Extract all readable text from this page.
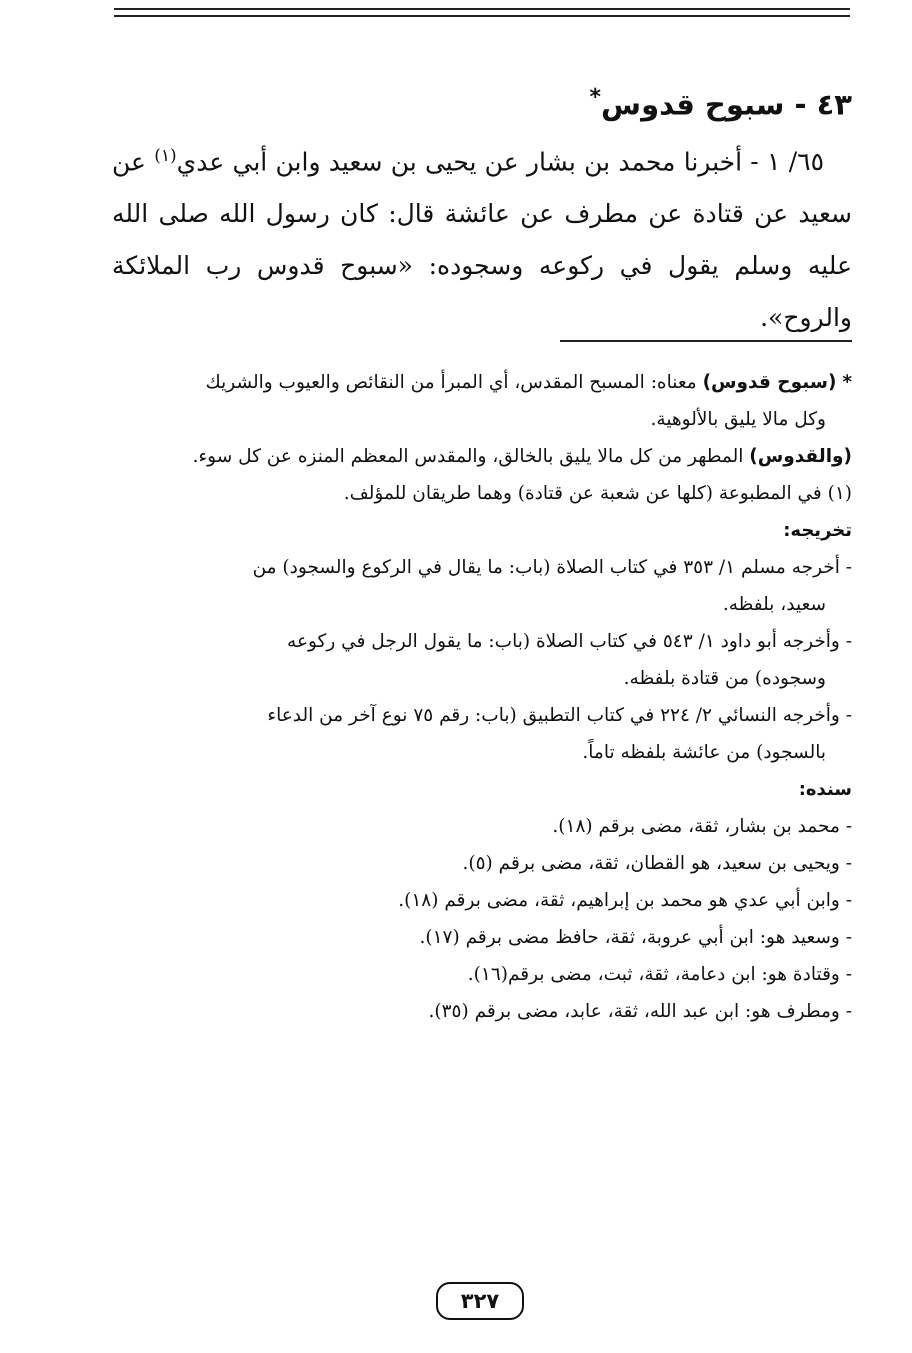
٤٣ - سبوح قدوس*
٦٥/ ١ - أخبرنا محمد بن بشار عن يحيى بن سعيد وابن أبي عدي$^{(١)}$ عن سعيد عن قتادة عن مطرف عن عائشة قال: كان رسول الله صلى الله عليه وسلم يقول في ركوعه وسجوده: «سبوح قدوس رب الملائكة والروح».

* (سبوح قدوس) معناه: المسبح المقدس، أي المبرأ من النقائص والعيوب والشريك

وكل مالا يليق بالألوهية.

(والقدوس) المطهر من كل مالا يليق بالخالق، والمقدس المعظم المنزه عن كل سوء.

(١) في المطبوعة (كلها عن شعبة عن قتادة) وهما طريقان للمؤلف.

تخريجه:

- أخرجه مسلم ١/ ٣٥٣ في كتاب الصلاة (باب: ما يقال في الركوع والسجود) من

سعيد، بلفظه.

- وأخرجه أبو داود ١/ ٥٤٣ في كتاب الصلاة (باب: ما يقول الرجل في ركوعه

وسجوده) من قتادة بلفظه.

- وأخرجه النسائي ٢/ ٢٢٤ في كتاب التطبيق (باب: رقم ٧٥ نوع آخر من الدعاء

بالسجود) من عائشة بلفظه تاماً.

سنده:

- محمد بن بشار، ثقة، مضى برقم (١٨).

- ويحيى بن سعيد، هو القطان، ثقة، مضى برقم (٥).

- وابن أبي عدي هو محمد بن إبراهيم، ثقة، مضى برقم (١٨).

- وسعيد هو: ابن أبي عروبة، ثقة، حافظ مضى برقم (١٧).

- وقتادة هو: ابن دعامة، ثقة، ثبت، مضى برقم(١٦).

- ومطرف هو: ابن عبد الله، ثقة، عابد، مضى برقم (٣٥).

٣٢٧
